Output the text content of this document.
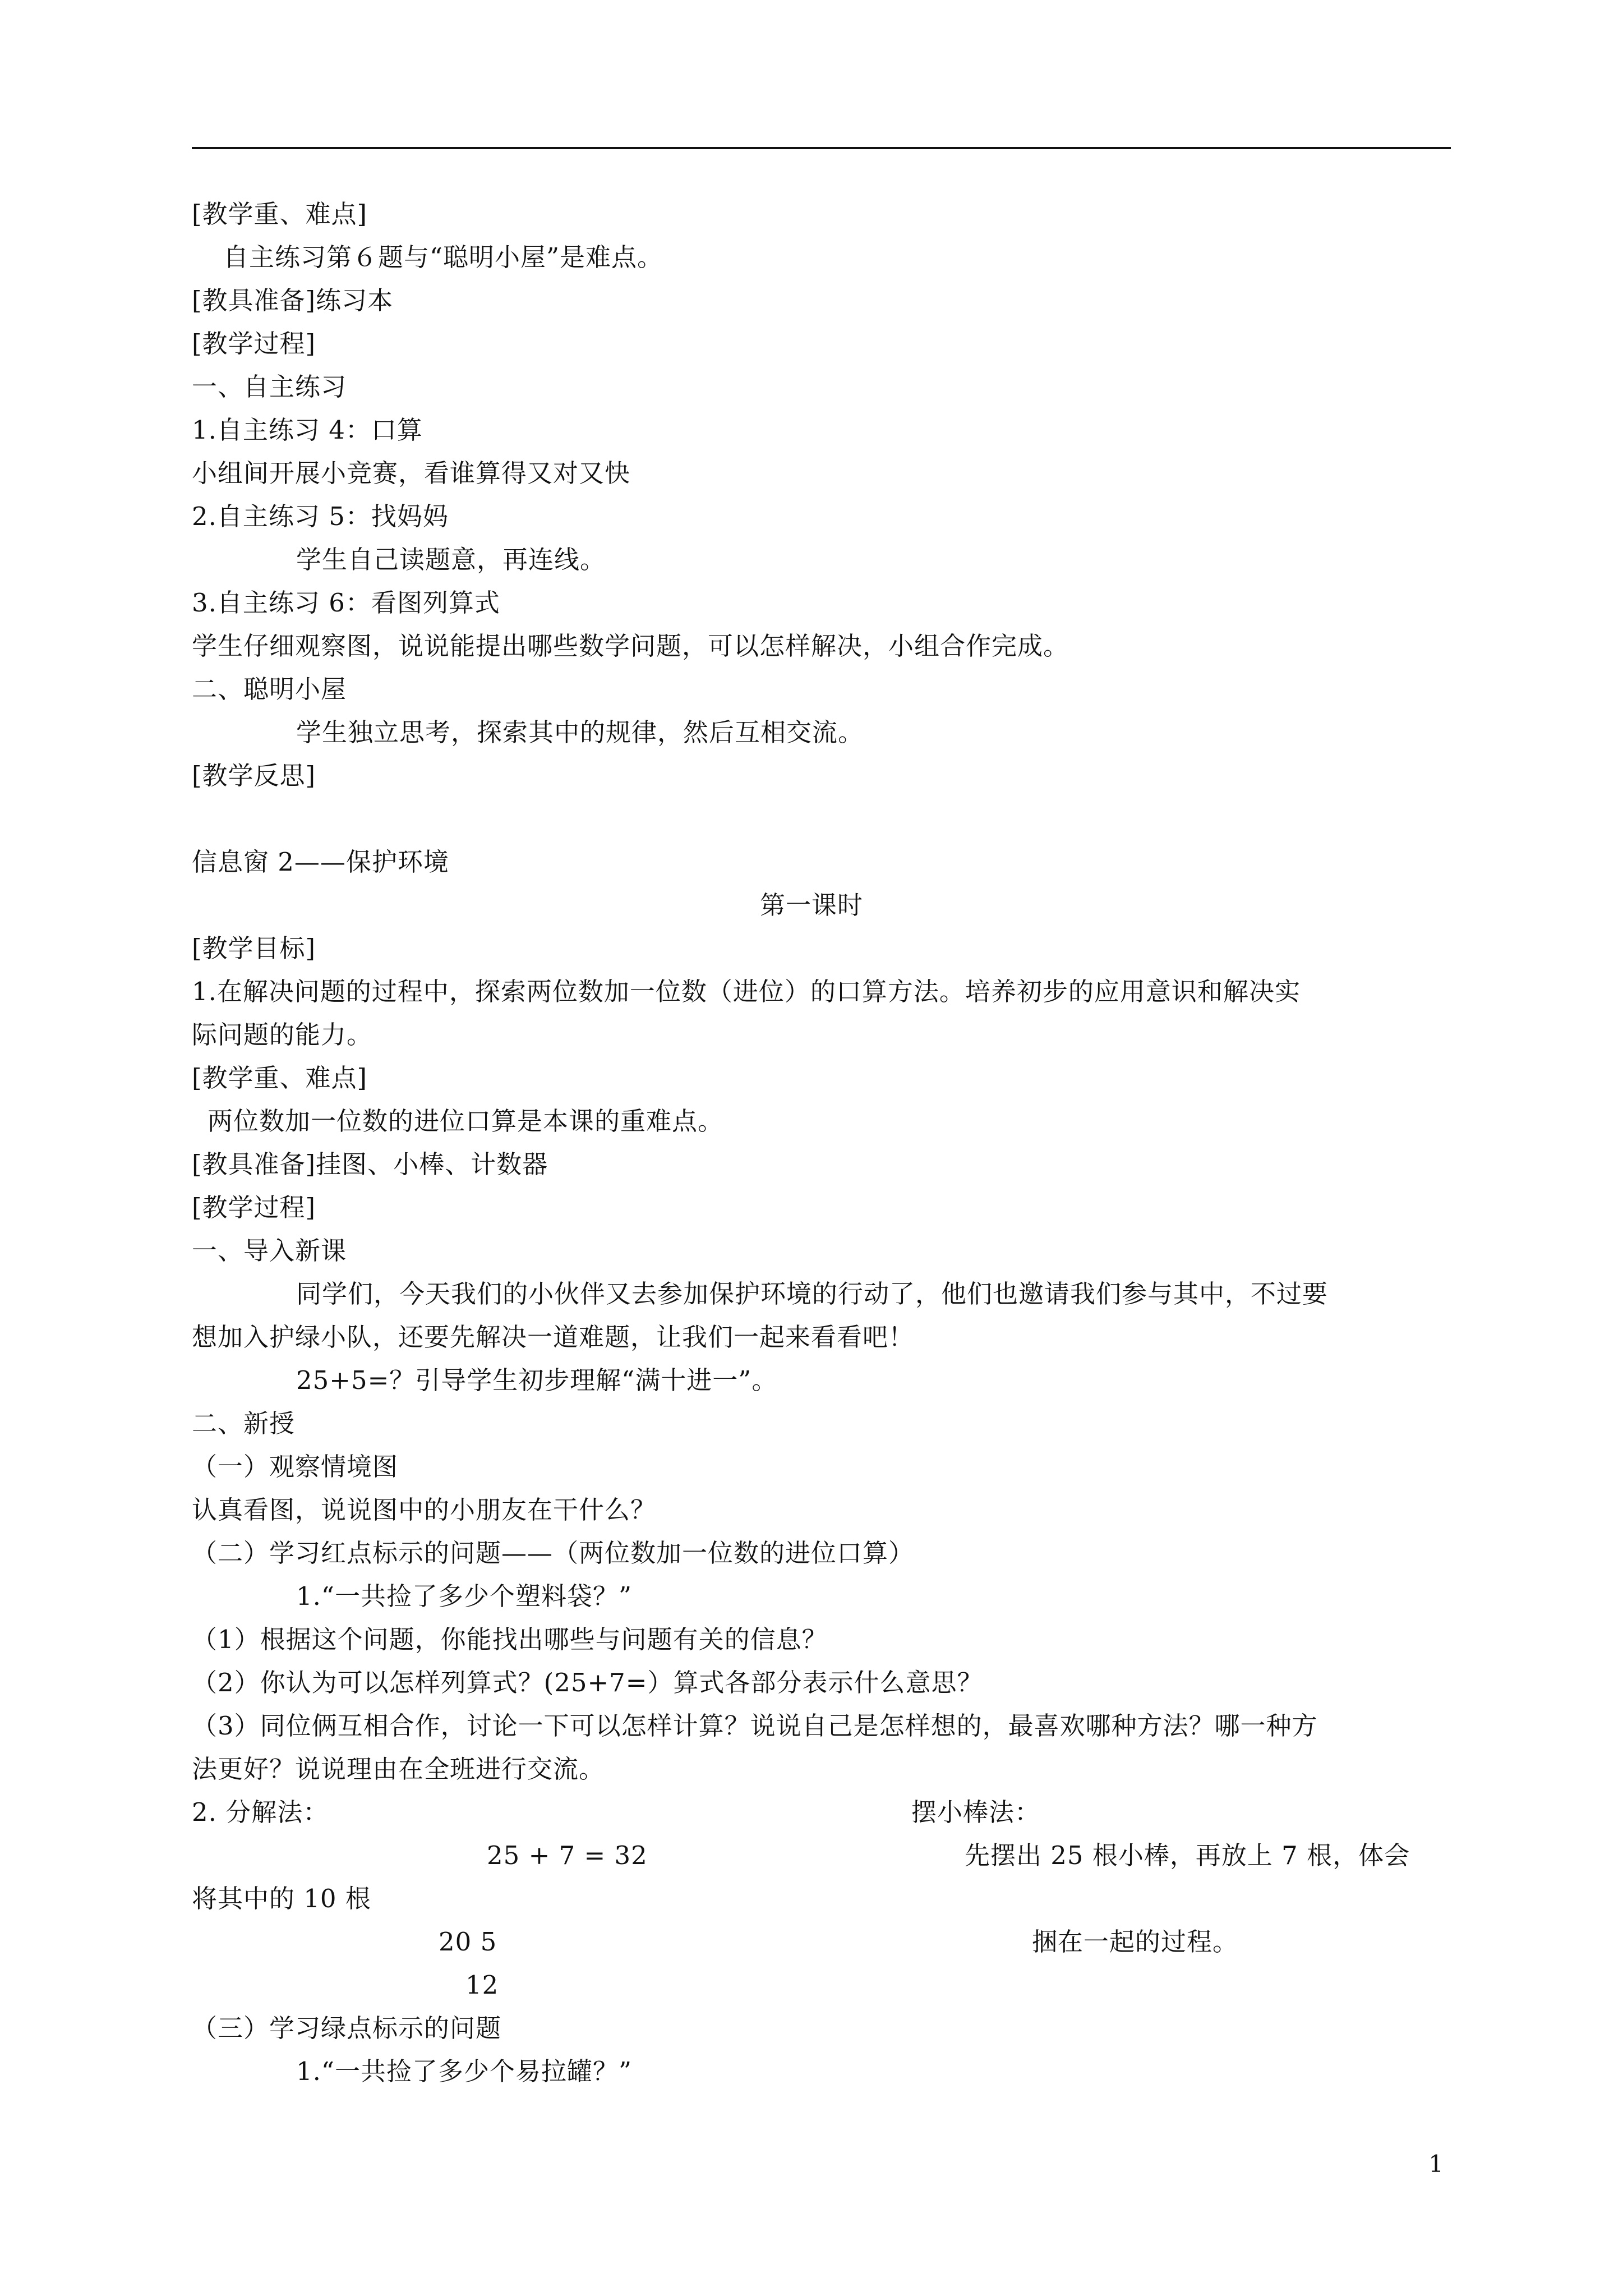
[教学重、难点]
自主练习第６题与“聪明小屋”是难点。
[教具准备]练习本
[教学过程]
一、自主练习
1.自主练习 4：口算
小组间开展小竞赛，看谁算得又对又快
2.自主练习 5：找妈妈
学生自己读题意，再连线。
3.自主练习 6：看图列算式
学生仔细观察图，说说能提出哪些数学问题，可以怎样解决，小组合作完成。
二、聪明小屋
学生独立思考，探索其中的规律，然后互相交流。
[教学反思]
信息窗 2——保护环境
第一课时
[教学目标]
1.在解决问题的过程中，探索两位数加一位数（进位）的口算方法。培养初步的应用意识和解决实
际问题的能力。
[教学重、难点]
两位数加一位数的进位口算是本课的重难点。
[教具准备]挂图、小棒、计数器
[教学过程]
一、导入新课
同学们，今天我们的小伙伴又去参加保护环境的行动了，他们也邀请我们参与其中，不过要
想加入护绿小队，还要先解决一道难题，让我们一起来看看吧！
25+5=？引导学生初步理解“满十进一”。
二、新授
（一）观察情境图
认真看图，说说图中的小朋友在干什么？
（二）学习红点标示的问题——（两位数加一位数的进位口算）
1.“一共捡了多少个塑料袋？”
（1）根据这个问题，你能找出哪些与问题有关的信息？
（2）你认为可以怎样列算式？(25+7=）算式各部分表示什么意思？
（3）同位俩互相合作，讨论一下可以怎样计算？说说自己是怎样想的，最喜欢哪种方法？哪一种方
法更好？说说理由在全班进行交流。
2. 分解法：	摆小棒法：
25 + 7 = 32	先摆出 25 根小棒，再放上 7 根，体会
将其中的 10 根
20 5	捆在一起的过程。
12
（三）学习绿点标示的问题
1.“一共捡了多少个易拉罐？”
1
